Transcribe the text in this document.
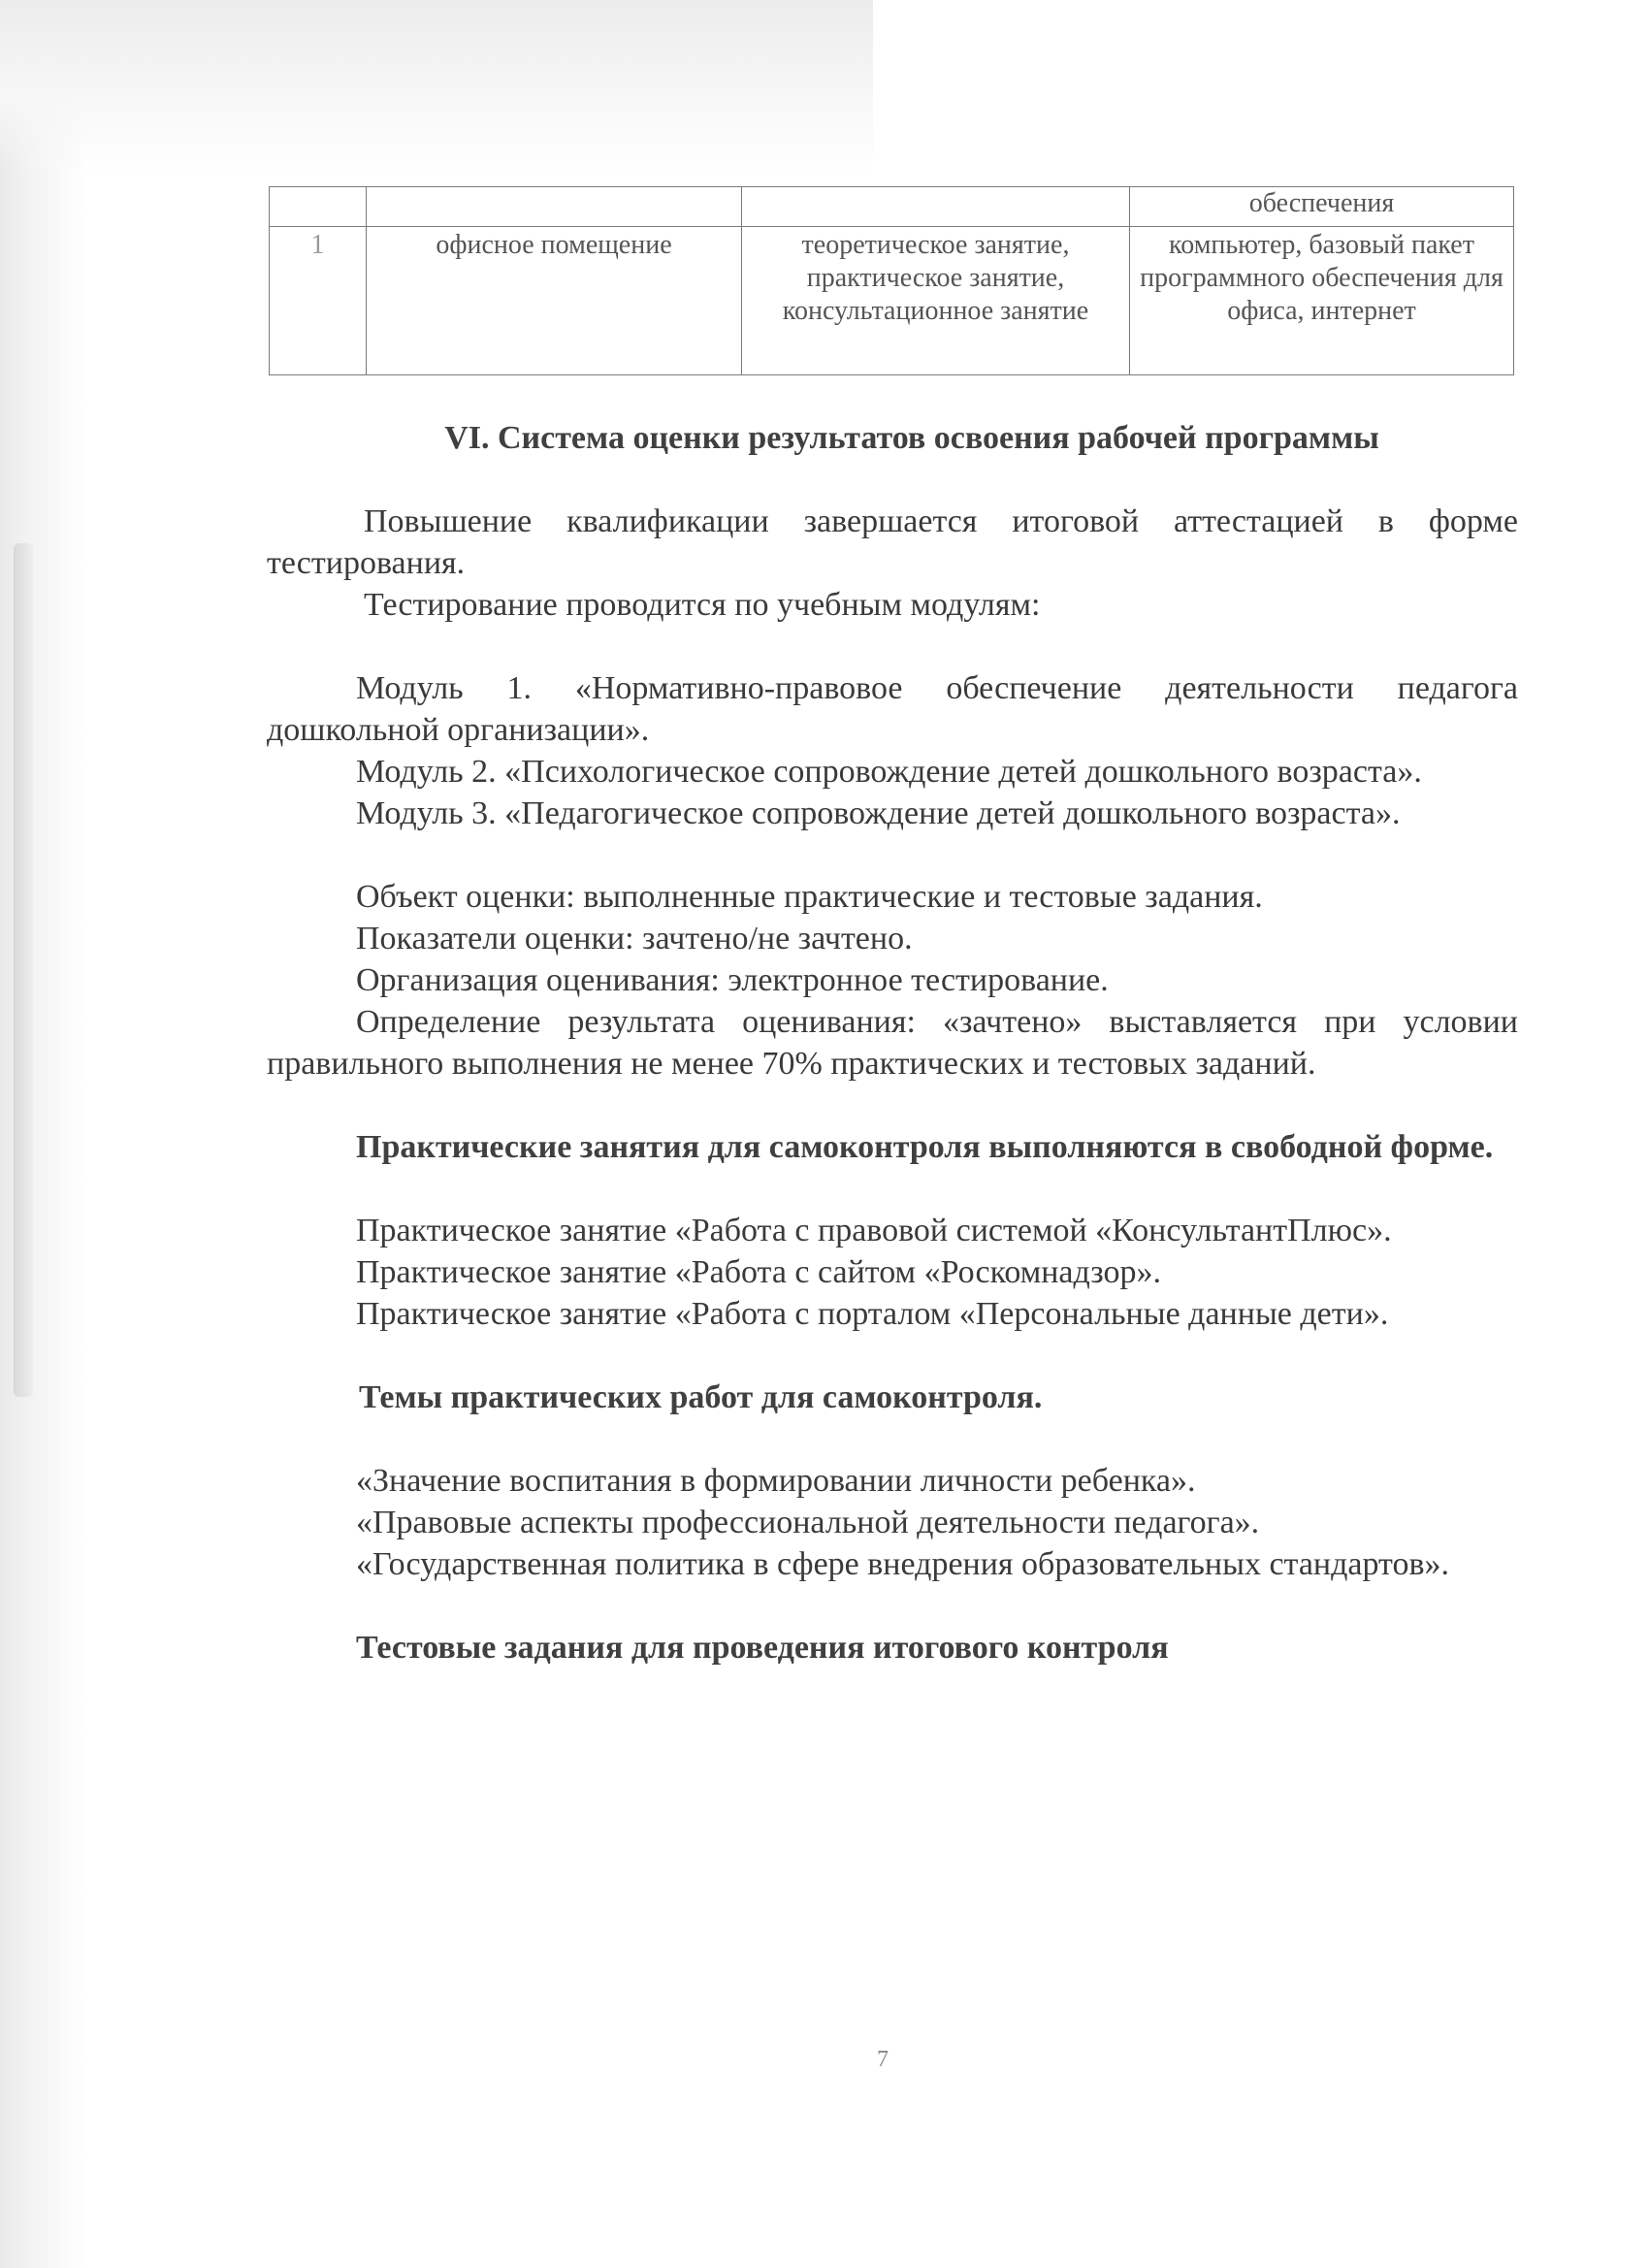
			обеспечения
1	офисное помещение	теоретическое занятие, практическое занятие, консультационное занятие	компьютер, базовый пакет программного обеспечения для офиса, интернет
VI. Система оценки результатов освоения рабочей программы

Повышение квалификации завершается итоговой аттестацией в форме тестирования.

Тестирование проводится по учебным модулям:

Модуль 1. «Нормативно-правовое обеспечение деятельности педагога дошкольной организации».

Модуль 2. «Психологическое сопровождение детей дошкольного возраста».

Модуль 3. «Педагогическое сопровождение детей дошкольного возраста».

Объект оценки: выполненные практические и тестовые задания.

Показатели оценки: зачтено/не зачтено.

Организация оценивания: электронное тестирование.

Определение результата оценивания: «зачтено» выставляется при условии правильного выполнения не менее 70% практических и тестовых заданий.

Практические занятия для самоконтроля выполняются в свободной форме.

Практическое занятие «Работа с правовой системой «КонсультантПлюс».

Практическое занятие «Работа с сайтом «Роскомнадзор».

Практическое занятие «Работа с порталом «Персональные данные дети».

Темы практических работ для самоконтроля.

«Значение воспитания в формировании личности ребенка».

«Правовые аспекты профессиональной деятельности педагога».

«Государственная политика в сфере внедрения образовательных стандартов».

Тестовые задания для проведения итогового контроля

7
